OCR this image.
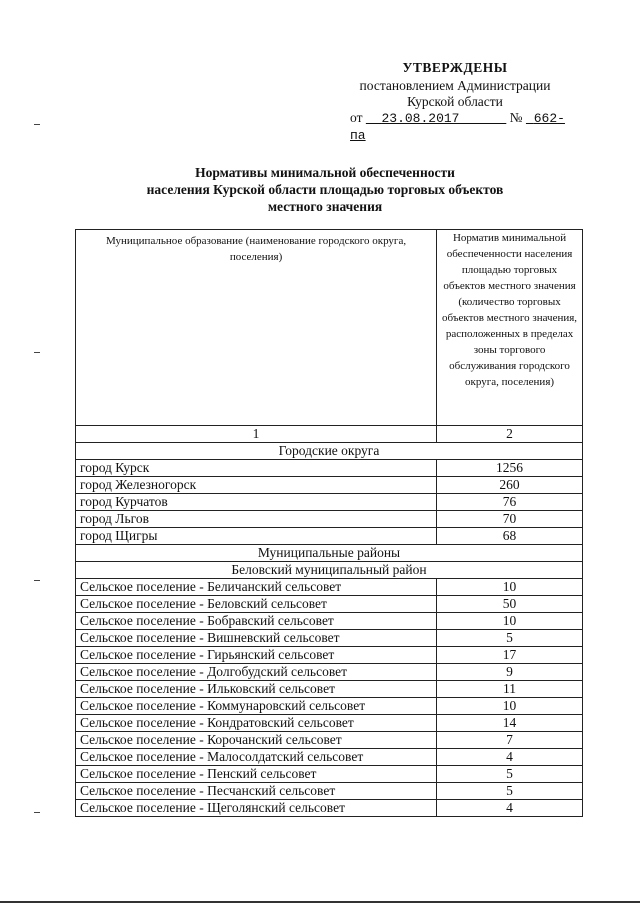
УТВЕРЖДЕНЫ
постановлением Администрации
Курской области
от 23.08.2017	№ 662-па
Нормативы минимальной обеспеченности
населения Курской области площадью торговых объектов
местного значения
Муниципальное образование (наименование городского округа, поселения)	Норматив минимальной обеспеченности населения площадью торговых объектов местного значения (количество торговых объектов местного значения, расположенных в пределах зоны торгового обслуживания городского округа, поселения)
1	2
Городские округа	
город Курск	1256
город Железногорск	260
город Курчатов	76
город Льгов	70
город Щигры	68
Муниципальные районы	
Беловский муниципальный район	
Сельское поселение - Беличанский сельсовет	10
Сельское поселение - Беловский сельсовет	50
Сельское поселение - Бобравский сельсовет	10
Сельское поселение - Вишневский сельсовет	5
Сельское поселение - Гирьянский сельсовет	17
Сельское поселение - Долгобудский сельсовет	9
Сельское поселение - Ильковский сельсовет	11
Сельское поселение - Коммунаровский сельсовет	10
Сельское поселение - Кондратовский сельсовет	14
Сельское поселение - Корочанский сельсовет	7
Сельское поселение - Малосолдатский сельсовет	4
Сельское поселение - Пенский сельсовет	5
Сельское поселение - Песчанский сельсовет	5
Сельское поселение - Щеголянский сельсовет	4
